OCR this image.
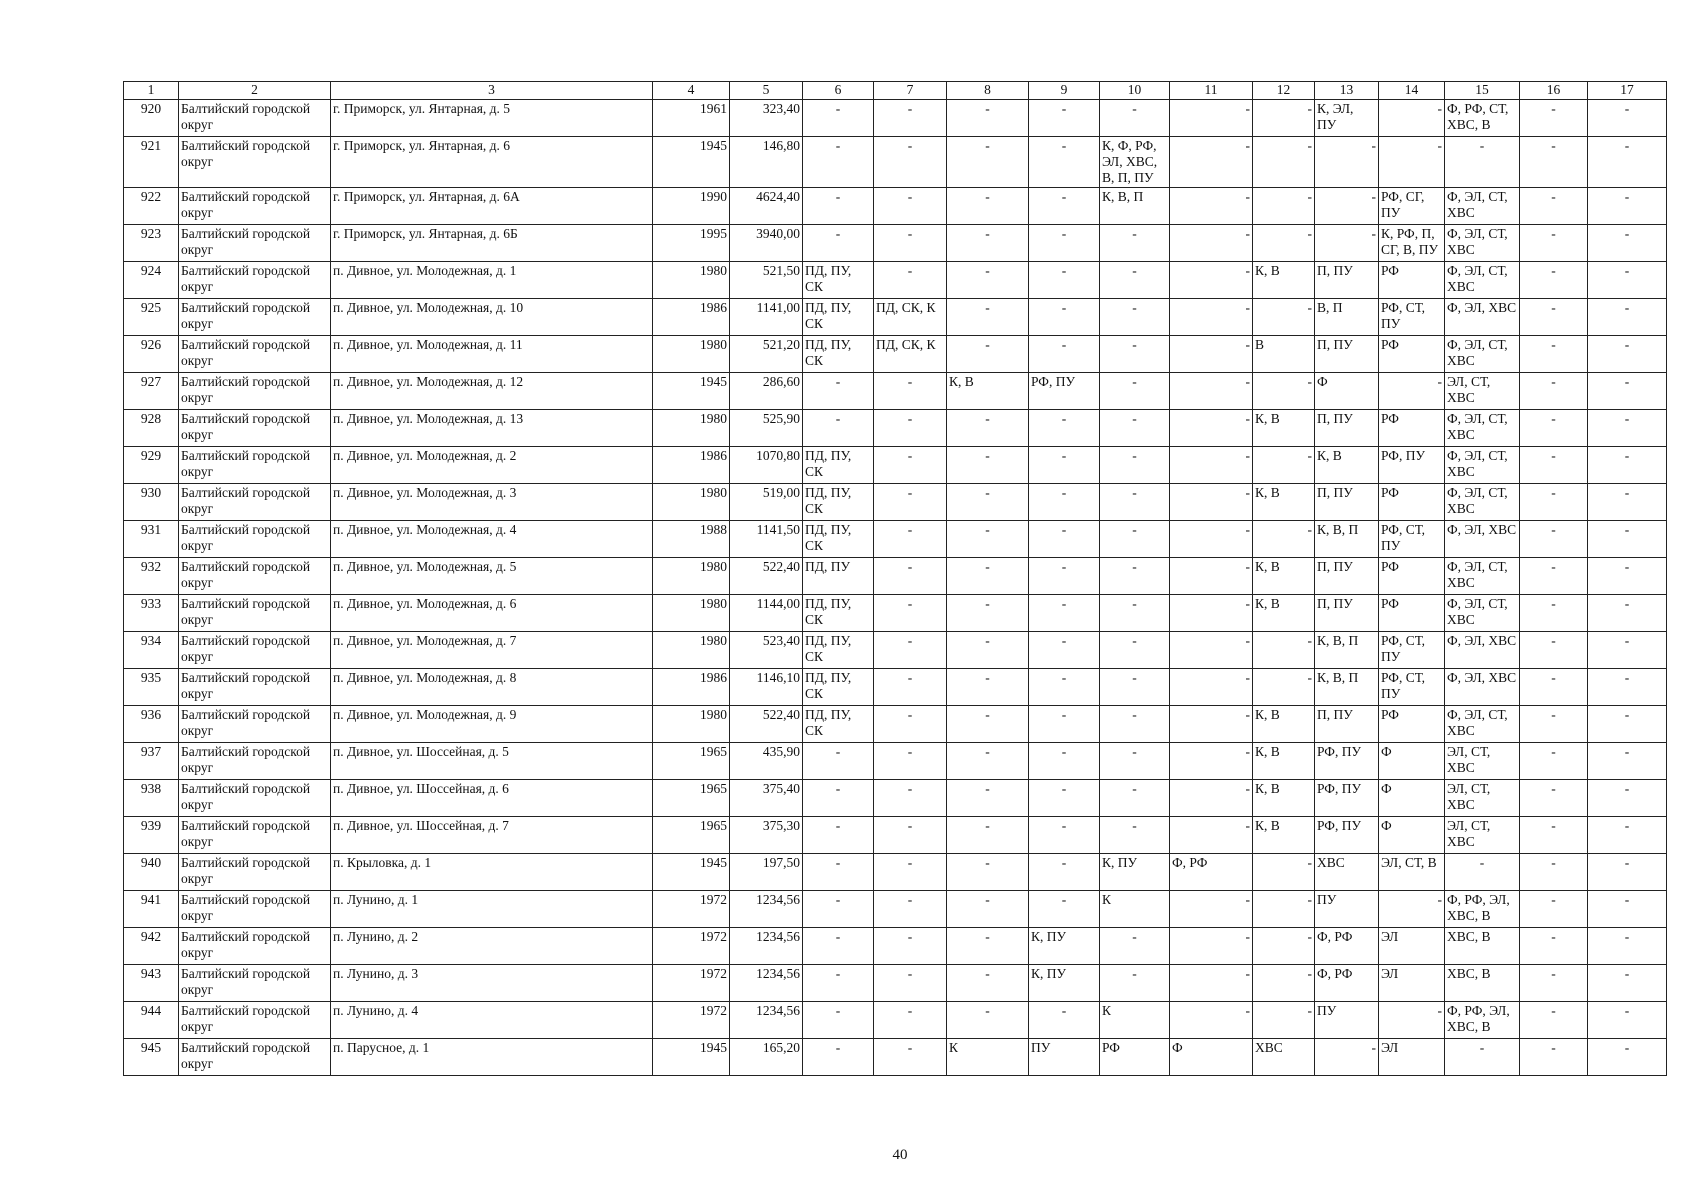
1	2	3	4	5	6	7	8	9	10	11	12	13	14	15	16	17
920	Балтийский городской округ	г. Приморск, ул. Янтарная, д. 5	1961	323,40	-	-	-	-	-	-	-	К, ЭЛ, ПУ	-	Ф, РФ, СТ, ХВС, В	-	-
921	Балтийский городской округ	г. Приморск, ул. Янтарная, д. 6	1945	146,80	-	-	-	-	К, Ф, РФ, ЭЛ, ХВС, В, П, ПУ	-	-	-	-	-	-	-
922	Балтийский городской округ	г. Приморск, ул. Янтарная, д. 6А	1990	4624,40	-	-	-	-	К, В, П	-	-	-	РФ, СГ, ПУ	Ф, ЭЛ, СТ, ХВС	-	-
923	Балтийский городской округ	г. Приморск, ул. Янтарная, д. 6Б	1995	3940,00	-	-	-	-	-	-	-	-	К, РФ, П, СГ, В, ПУ	Ф, ЭЛ, СТ, ХВС	-	-
924	Балтийский городской округ	п. Дивное, ул. Молодежная, д. 1	1980	521,50	ПД, ПУ, СК	-	-	-	-	-	К, В	П, ПУ	РФ	Ф, ЭЛ, СТ, ХВС	-	-
925	Балтийский городской округ	п. Дивное, ул. Молодежная, д. 10	1986	1141,00	ПД, ПУ, СК	ПД, СК, К	-	-	-	-	-	В, П	РФ, СТ, ПУ	Ф, ЭЛ, ХВС	-	-
926	Балтийский городской округ	п. Дивное, ул. Молодежная, д. 11	1980	521,20	ПД, ПУ, СК	ПД, СК, К	-	-	-	-	В	П, ПУ	РФ	Ф, ЭЛ, СТ, ХВС	-	-
927	Балтийский городской округ	п. Дивное, ул. Молодежная, д. 12	1945	286,60	-	-	К, В	РФ, ПУ	-	-	-	Ф	-	ЭЛ, СТ, ХВС	-	-
928	Балтийский городской округ	п. Дивное, ул. Молодежная, д. 13	1980	525,90	-	-	-	-	-	-	К, В	П, ПУ	РФ	Ф, ЭЛ, СТ, ХВС	-	-
929	Балтийский городской округ	п. Дивное, ул. Молодежная, д. 2	1986	1070,80	ПД, ПУ, СК	-	-	-	-	-	-	К, В	РФ, ПУ	Ф, ЭЛ, СТ, ХВС	-	-
930	Балтийский городской округ	п. Дивное, ул. Молодежная, д. 3	1980	519,00	ПД, ПУ, СК	-	-	-	-	-	К, В	П, ПУ	РФ	Ф, ЭЛ, СТ, ХВС	-	-
931	Балтийский городской округ	п. Дивное, ул. Молодежная, д. 4	1988	1141,50	ПД, ПУ, СК	-	-	-	-	-	-	К, В, П	РФ, СТ, ПУ	Ф, ЭЛ, ХВС	-	-
932	Балтийский городской округ	п. Дивное, ул. Молодежная, д. 5	1980	522,40	ПД, ПУ	-	-	-	-	-	К, В	П, ПУ	РФ	Ф, ЭЛ, СТ, ХВС	-	-
933	Балтийский городской округ	п. Дивное, ул. Молодежная, д. 6	1980	1144,00	ПД, ПУ, СК	-	-	-	-	-	К, В	П, ПУ	РФ	Ф, ЭЛ, СТ, ХВС	-	-
934	Балтийский городской округ	п. Дивное, ул. Молодежная, д. 7	1980	523,40	ПД, ПУ, СК	-	-	-	-	-	-	К, В, П	РФ, СТ, ПУ	Ф, ЭЛ, ХВС	-	-
935	Балтийский городской округ	п. Дивное, ул. Молодежная, д. 8	1986	1146,10	ПД, ПУ, СК	-	-	-	-	-	-	К, В, П	РФ, СТ, ПУ	Ф, ЭЛ, ХВС	-	-
936	Балтийский городской округ	п. Дивное, ул. Молодежная, д. 9	1980	522,40	ПД, ПУ, СК	-	-	-	-	-	К, В	П, ПУ	РФ	Ф, ЭЛ, СТ, ХВС	-	-
937	Балтийский городской округ	п. Дивное, ул. Шоссейная, д. 5	1965	435,90	-	-	-	-	-	-	К, В	РФ, ПУ	Ф	ЭЛ, СТ, ХВС	-	-
938	Балтийский городской округ	п. Дивное, ул. Шоссейная, д. 6	1965	375,40	-	-	-	-	-	-	К, В	РФ, ПУ	Ф	ЭЛ, СТ, ХВС	-	-
939	Балтийский городской округ	п. Дивное, ул. Шоссейная, д. 7	1965	375,30	-	-	-	-	-	-	К, В	РФ, ПУ	Ф	ЭЛ, СТ, ХВС	-	-
940	Балтийский городской округ	п. Крыловка, д. 1	1945	197,50	-	-	-	-	К, ПУ	Ф, РФ	-	ХВС	ЭЛ, СТ, В	-	-	-
941	Балтийский городской округ	п. Лунино, д. 1	1972	1234,56	-	-	-	-	К	-	-	ПУ	-	Ф, РФ, ЭЛ, ХВС, В	-	-
942	Балтийский городской округ	п. Лунино, д. 2	1972	1234,56	-	-	-	К, ПУ	-	-	-	Ф, РФ	ЭЛ	ХВС, В	-	-
943	Балтийский городской округ	п. Лунино, д. 3	1972	1234,56	-	-	-	К, ПУ	-	-	-	Ф, РФ	ЭЛ	ХВС, В	-	-
944	Балтийский городской округ	п. Лунино, д. 4	1972	1234,56	-	-	-	-	К	-	-	ПУ	-	Ф, РФ, ЭЛ, ХВС, В	-	-
945	Балтийский городской округ	п. Парусное, д. 1	1945	165,20	-	-	К	ПУ	РФ	Ф	ХВС	-	ЭЛ	-	-	-
40
